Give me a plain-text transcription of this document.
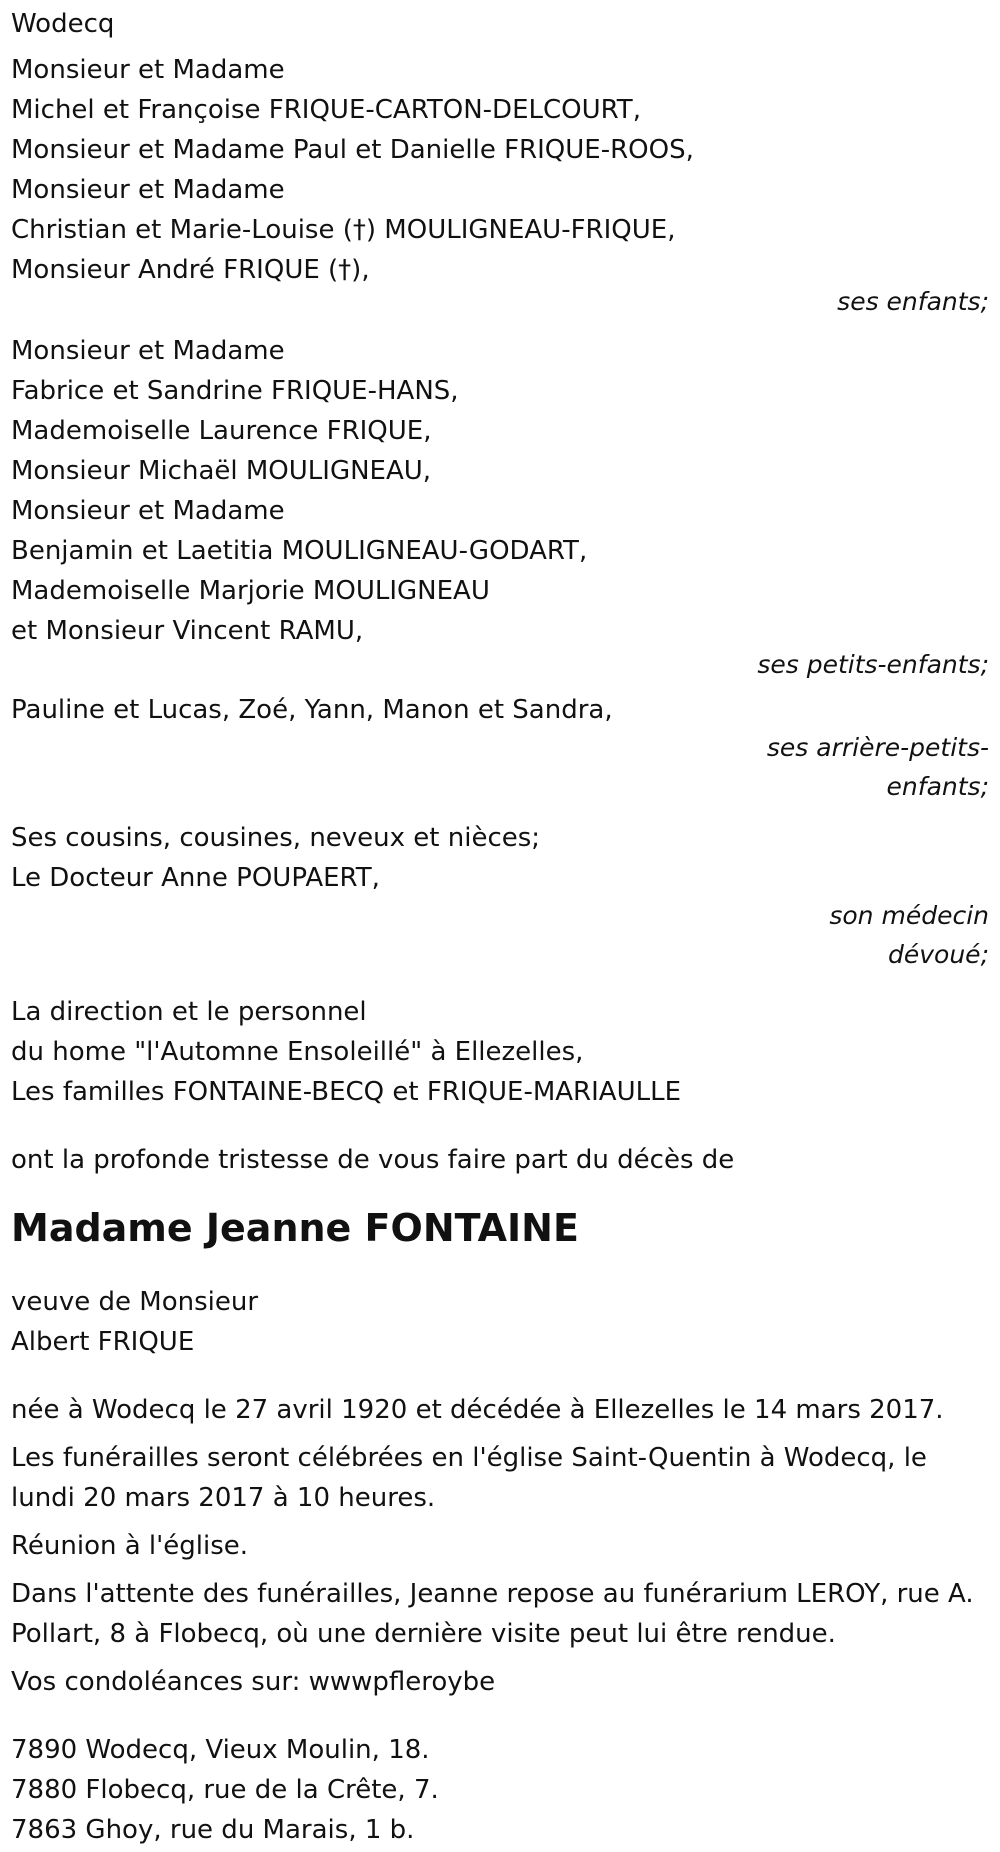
Wodecq
Monsieur et Madame
Michel et Françoise FRIQUE-CARTON-DELCOURT,
Monsieur et Madame Paul et Danielle FRIQUE-ROOS,
Monsieur et Madame
Christian et Marie-Louise (†) MOULIGNEAU-FRIQUE,
Monsieur André FRIQUE (†),
ses enfants;
Monsieur et Madame
Fabrice et Sandrine FRIQUE-HANS,
Mademoiselle Laurence FRIQUE,
Monsieur Michaël MOULIGNEAU,
Monsieur et Madame
Benjamin et Laetitia MOULIGNEAU-GODART,
Mademoiselle Marjorie MOULIGNEAU
et Monsieur Vincent RAMU,
ses petits-enfants;
Pauline et Lucas, Zoé, Yann, Manon et Sandra,
ses arrière-petits-
enfants;
Ses cousins, cousines, neveux et nièces;
Le Docteur Anne POUPAERT,
son médecin
dévoué;
La direction et le personnel
du home "l'Automne Ensoleillé" à Ellezelles,
Les familles FONTAINE-BECQ et FRIQUE-MARIAULLE
ont la profonde tristesse de vous faire part du décès de
Madame Jeanne FONTAINE
veuve de Monsieur
Albert FRIQUE

née à Wodecq le 27 avril 1920 et décédée à Ellezelles le 14 mars 2017.

Les funérailles seront célébrées en l'église Saint-Quentin à Wodecq, le lundi 20 mars 2017 à 10 heures.

Réunion à l'église.

Dans l'attente des funérailles, Jeanne repose au funérarium LEROY, rue A. Pollart, 8 à Flobecq, où une dernière visite peut lui être rendue.

Vos condoléances sur: wwwpfleroybe

7890 Wodecq, Vieux Moulin, 18.
7880 Flobecq, rue de la Crête, 7.
7863 Ghoy, rue du Marais, 1 b.
